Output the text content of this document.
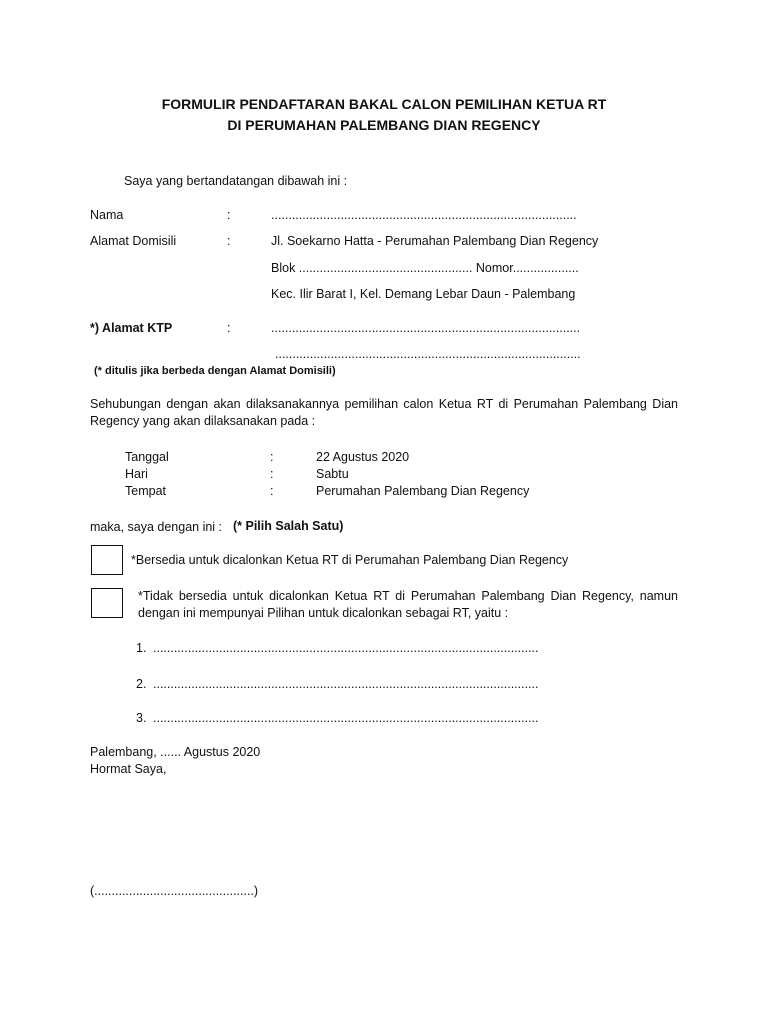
FORMULIR PENDAFTARAN BAKAL CALON PEMILIHAN KETUA RT
DI PERUMAHAN PALEMBANG DIAN REGENCY
Saya yang bertandatangan dibawah ini :
Nama	:	........................................................................................
Alamat Domisili	:	Jl. Soekarno Hatta - Perumahan Palembang Dian Regency
Blok .................................................. Nomor...................
Kec. Ilir Barat I, Kel. Demang Lebar Daun - Palembang
*) Alamat KTP	:	.........................................................................................
........................................................................................
(* ditulis jika berbeda dengan Alamat Domisili)
Sehubungan dengan akan dilaksanakannya pemilihan calon Ketua RT di Perumahan Palembang Dian Regency yang akan dilaksanakan pada :
Tanggal	:	22 Agustus 2020
Hari	:	Sabtu
Tempat	:	Perumahan Palembang Dian Regency
maka, saya dengan ini : (* Pilih Salah Satu)
*Bersedia untuk dicalonkan Ketua RT di Perumahan Palembang Dian Regency
*Tidak bersedia untuk dicalonkan Ketua RT di Perumahan Palembang Dian Regency, namun dengan ini mempunyai Pilihan untuk dicalonkan sebagai RT, yaitu :
1. ...............................................................................................................
2. ...............................................................................................................
3. ...............................................................................................................
Palembang, ...... Agustus 2020
Hormat Saya,
(..............................................)
